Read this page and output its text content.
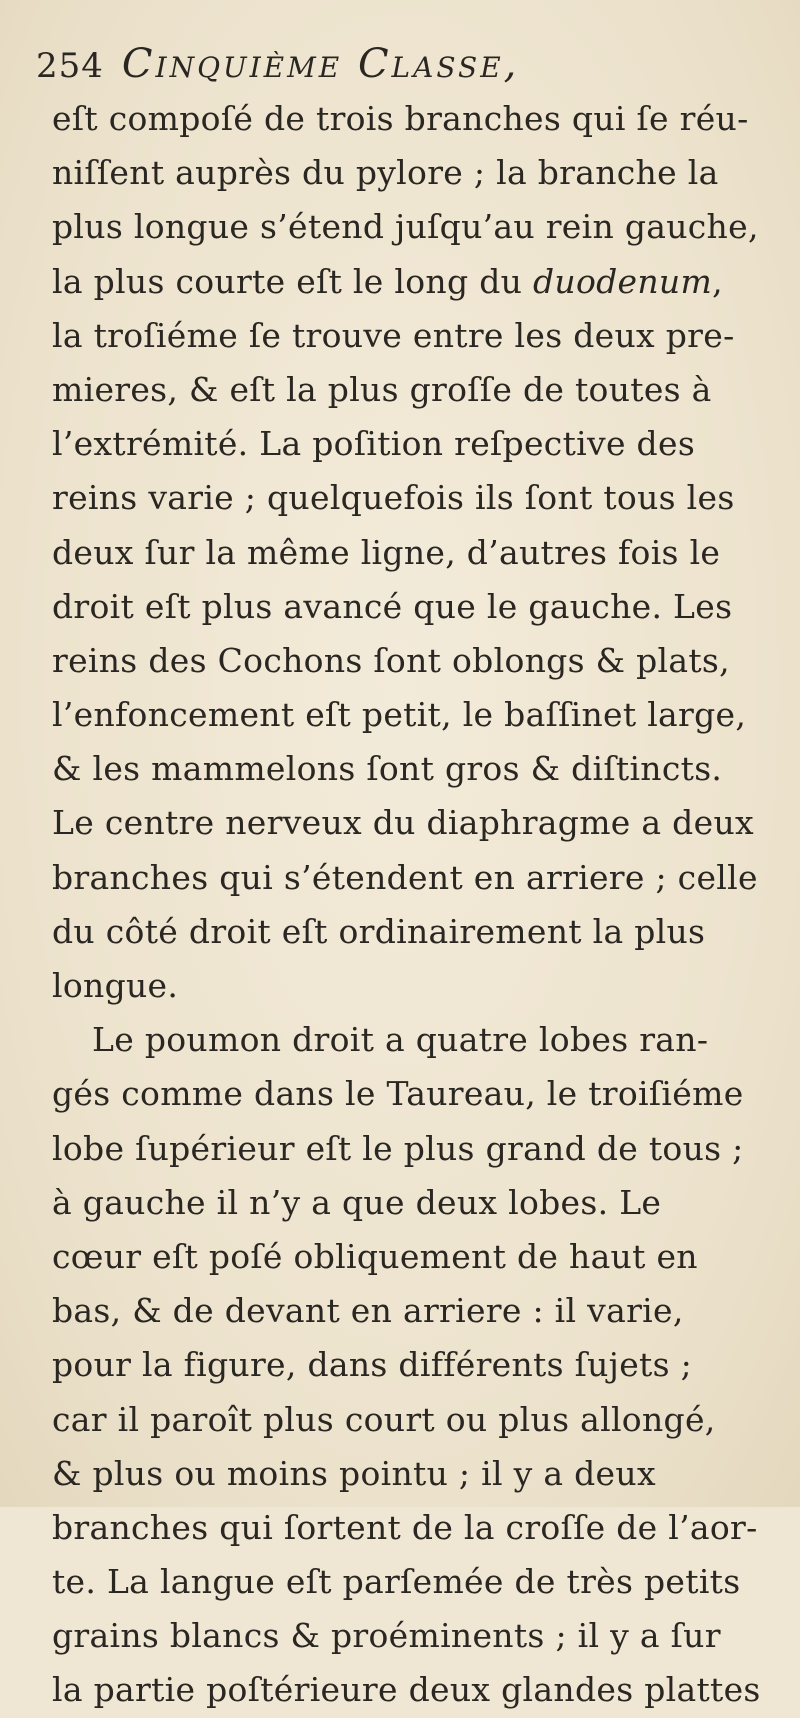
254 Cinquième Classe,
eſt compoſé de trois branches qui ſe réu-
niſſent auprès du pylore ; la branche la
plus longue s’étend juſqu’au rein gauche,
la plus courte eſt le long du duodenum,
la troſiéme ſe trouve entre les deux pre-
mieres, & eſt la plus groſſe de toutes à
l’extrémité. La poſition reſpective des
reins varie ; quelquefois ils ſont tous les
deux ſur la même ligne, d’autres fois le
droit eſt plus avancé que le gauche. Les
reins des Cochons ſont oblongs & plats,
l’enfoncement eſt petit, le baſſinet large,
& les mammelons ſont gros & diſtincts.
Le centre nerveux du diaphragme a deux
branches qui s’étendent en arriere ; celle
du côté droit eſt ordinairement la plus
longue.
Le poumon droit a quatre lobes ran-
gés comme dans le Taureau, le troiſiéme
lobe ſupérieur eſt le plus grand de tous ;
à gauche il n’y a que deux lobes. Le
cœur eſt poſé obliquement de haut en
bas, & de devant en arriere : il varie,
pour la figure, dans différents ſujets ;
car il paroît plus court ou plus allongé,
& plus ou moins pointu ; il y a deux
branches qui ſortent de la croſſe de l’aor-
te. La langue eſt parſemée de très petits
grains blancs & proéminents ; il y a ſur
la partie poſtérieure deux glandes plattes
